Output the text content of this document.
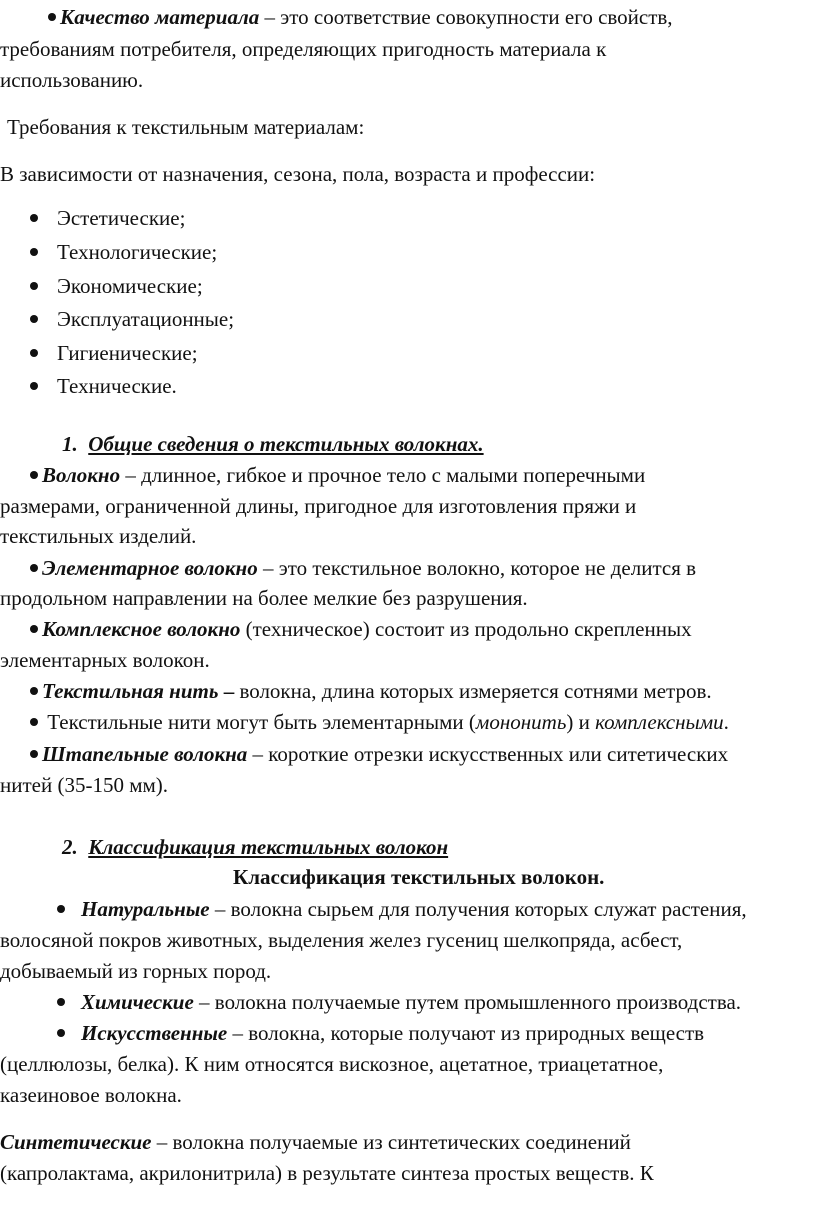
Качество материала – это соответствие совокупности его свойств,
требованиям потребителя, определяющих пригодность материала к
использованию.
Требования к текстильным материалам:
В зависимости от назначения, сезона, пола, возраста и профессии:
Эстетические;
Технологические;
Экономические;
Эксплуатационные;
Гигиенические;
Технические.
1. Общие сведения о текстильных волокнах.
Волокно – длинное, гибкое и прочное тело с малыми поперечными
размерами, ограниченной длины, пригодное для изготовления пряжи и
текстильных изделий.
Элементарное волокно – это текстильное волокно, которое не делится в
продольном направлении на более мелкие без разрушения.
Комплексное волокно (техническое) состоит из продольно скрепленных
элементарных волокон.
Текстильная нить – волокна, длина которых измеряется сотнями метров.
Текстильные нити могут быть элементарными (мононить) и комплексными.
Штапельные волокна – короткие отрезки искусственных или ситетических
нитей (35-150 мм).
2. Классификация текстильных волокон
Классификация текстильных волокон.
Натуральные – волокна сырьем для получения которых служат растения,
волосяной покров животных, выделения желез гусениц шелкопряда, асбест,
добываемый из горных пород.
Химические – волокна получаемые путем промышленного производства.
Искусственные – волокна, которые получают из природных веществ
(целлюлозы, белка). К ним относятся вискозное, ацетатное, триацетатное,
казеиновое волокна.
Синтетические – волокна получаемые из синтетических соединений
(капролактама, акрилонитрила) в результате синтеза простых веществ. К
